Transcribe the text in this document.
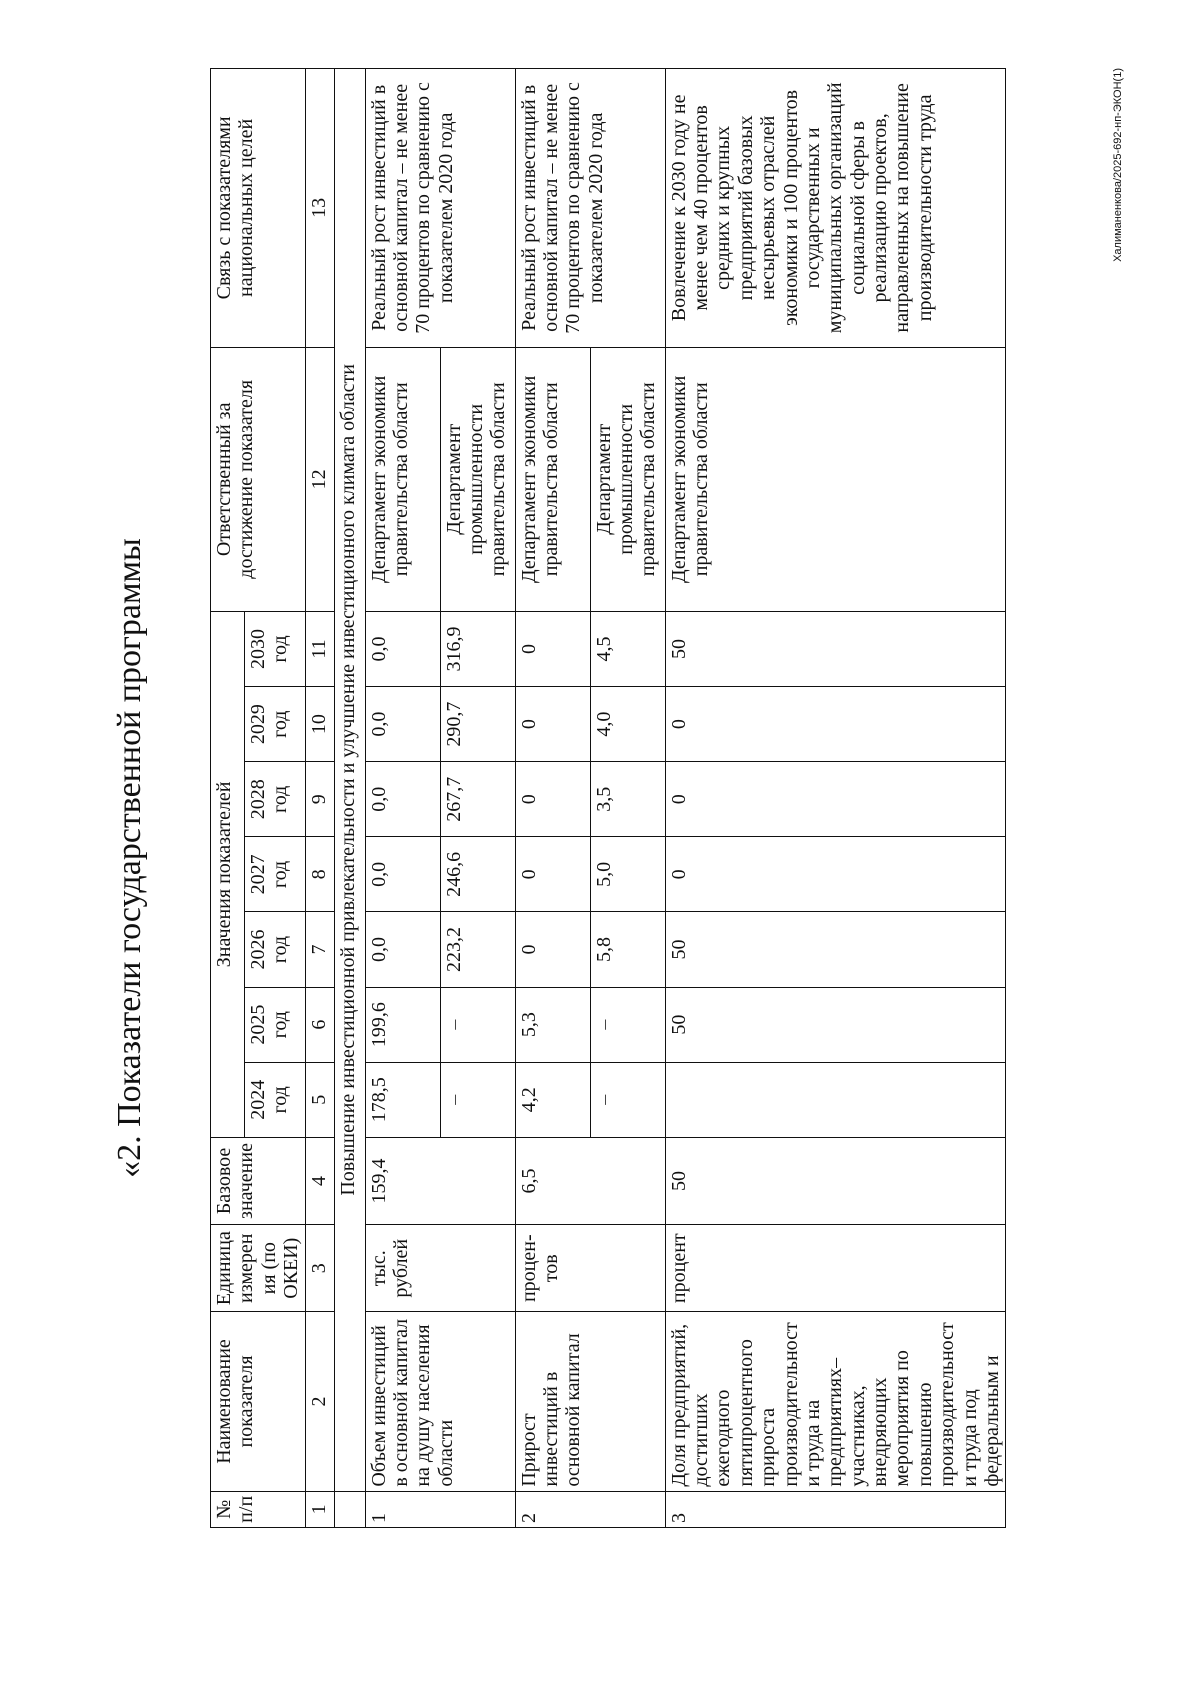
«2. Показатели государственной программы
№ п/п	Наименование показателя	Единица измерения (по ОКЕИ)	Базовое значение	Значения показателей							Ответственный за достижение показателя	Связь с показателями национальных целей
				2024 год	2025 год	2026 год	2027 год	2028 год	2029 год	2030 год		
1	2	3	4	5	6	7	8	9	10	11	12	13
	Повышение инвестиционной привлекательности и улучшение инвестиционного климата области											
1	Объем инвестиций в основной капитал на душу населения области	тыс. рублей	159,4	178,5	199,6	0,0	0,0	0,0	0,0	0,0	Департамент экономики правительства области	Реальный рост инвестиций в основной капитал – не менее 70 процентов по сравнению с показателем 2020 года
				–	–	223,2	246,6	267,7	290,7	316,9	Департамент промышленности правительства области	
2	Прирост инвестиций в основной капитал	процен-тов	6,5	4,2	5,3	0	0	0	0	0	Департамент экономики правительства области	Реальный рост инвестиций в основной капитал – не менее 70 процентов по сравнению с показателем 2020 года
				–	–	5,8	5,0	3,5	4,0	4,5	Департамент промышленности правительства области	
3	Доля предприятий, достигших ежегодного пятипроцентного прироста производительности труда на предприятиях–участниках, внедряющих мероприятия по повышению производительности труда под федеральным и	процент	50		50	50	0	0	0	50	Департамент экономики правительства области	Вовлечение к 2030 году не менее чем 40 процентов средних и крупных предприятий базовых несырьевых отраслей экономики и 100 процентов государственных и муниципальных организаций социальной сферы в реализацию проектов, направленных на повышение производительности труда	Халиманенкова/2025-692-нп-ЭКОН(1)
